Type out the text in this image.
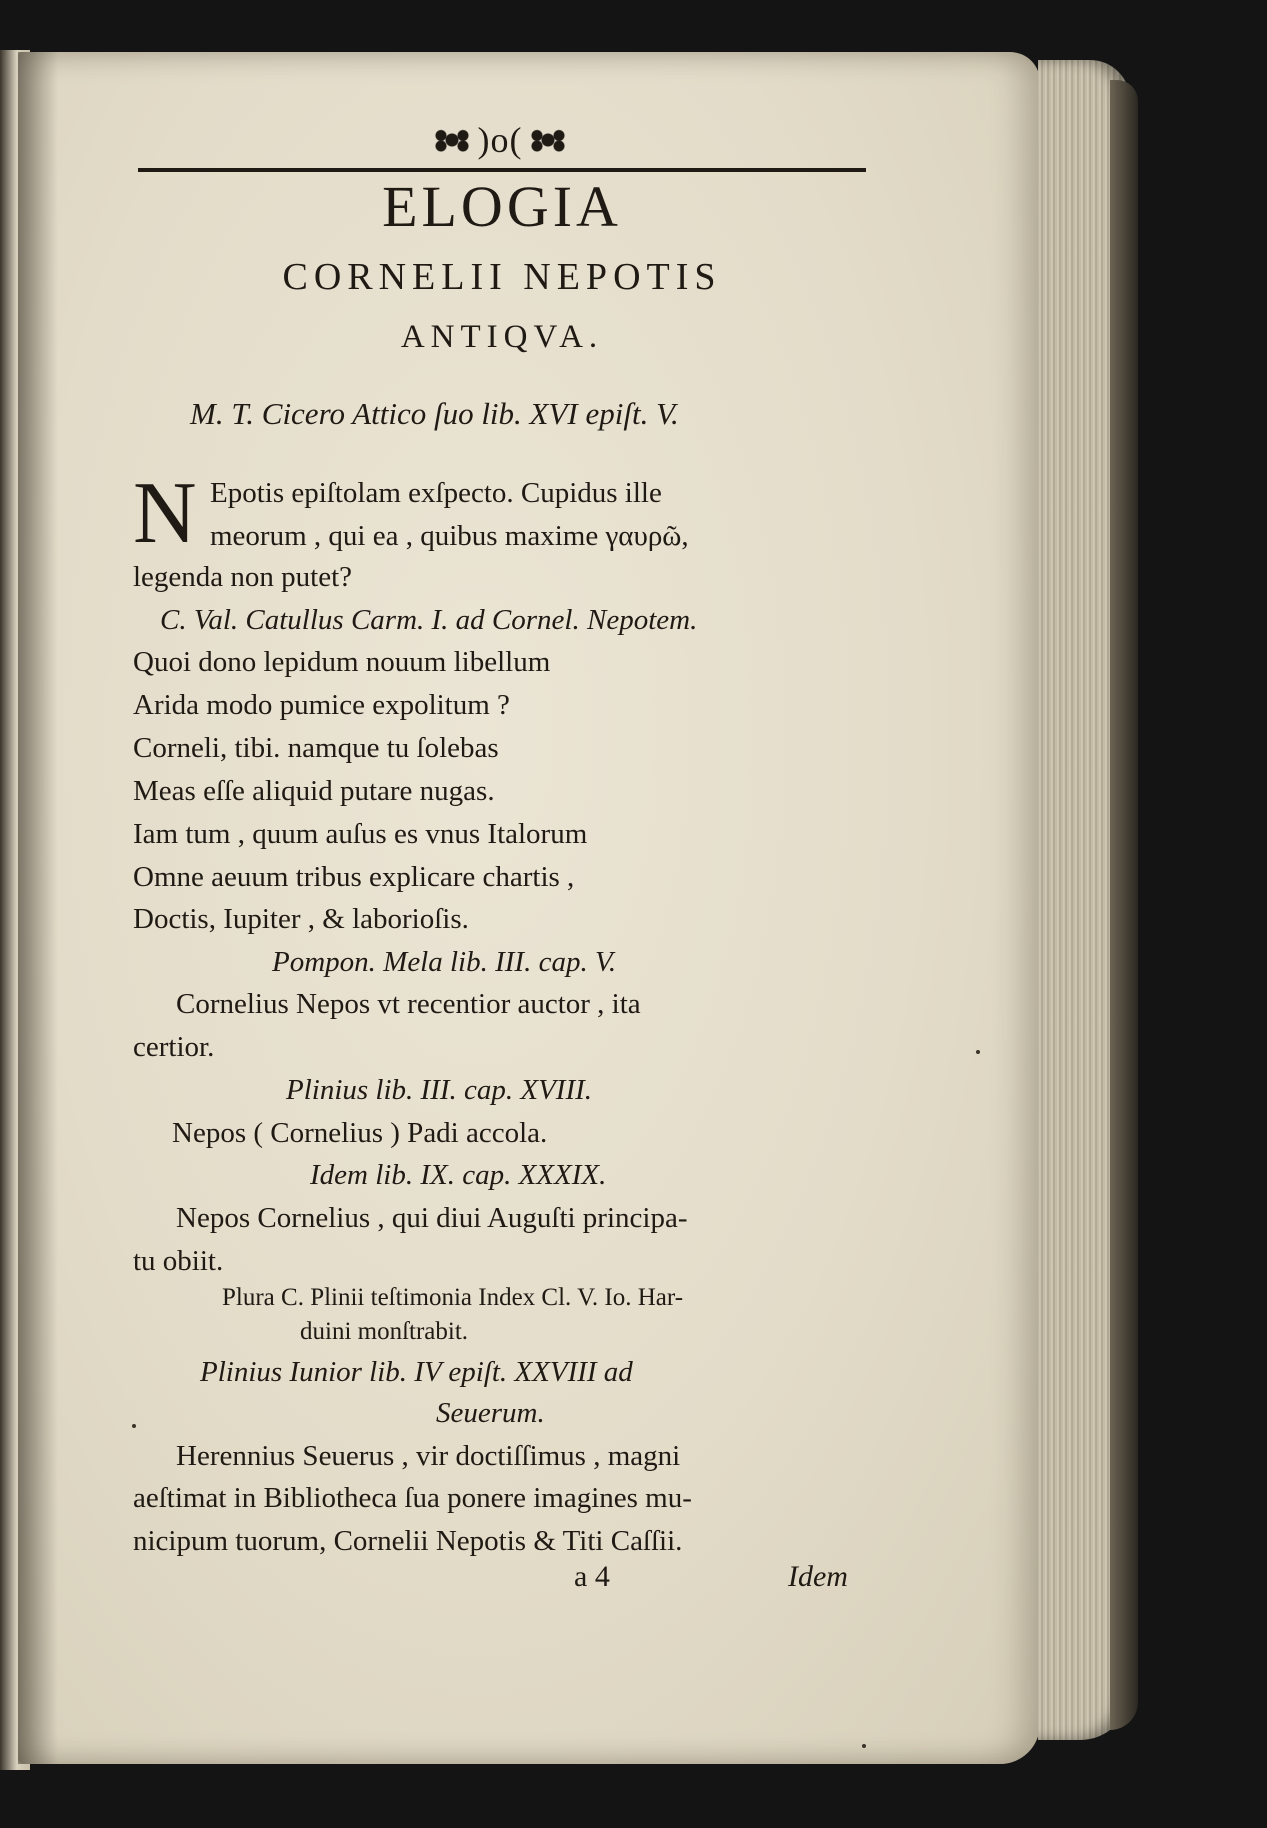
)o(
ELOGIA
CORNELII NEPOTIS
ANTIQVA.
M. T. Cicero Attico ſuo lib. XVI epiſt. V.
N Epotis epiſtolam exſpecto. Cupidus ille
meorum , qui ea , quibus maxime γαυρῶ,
legenda non putet?
C. Val. Catullus Carm. I. ad Cornel. Nepotem.
Quoi dono lepidum nouum libellum
Arida modo pumice expolitum ?
Corneli, tibi. namque tu ſolebas
Meas eſſe aliquid putare nugas.
Iam tum , quum auſus es vnus Italorum
Omne aeuum tribus explicare chartis ,
Doctis, Iupiter , & laborioſis.
Pompon. Mela lib. III. cap. V.
Cornelius Nepos vt recentior auctor , ita
certior.
Plinius lib. III. cap. XVIII.
Nepos ( Cornelius ) Padi accola.
Idem lib. IX. cap. XXXIX.
Nepos Cornelius , qui diui Auguſti principa-
tu obiit.
Plura C. Plinii teſtimonia Index Cl. V. Io. Har-
duini monſtrabit.
Plinius Iunior lib. IV epiſt. XXVIII ad
Seuerum.
Herennius Seuerus , vir doctiſſimus , magni
aeſtimat in Bibliotheca ſua ponere imagines mu-
nicipum tuorum, Cornelii Nepotis & Titi Caſſii.
a 4	Idem
